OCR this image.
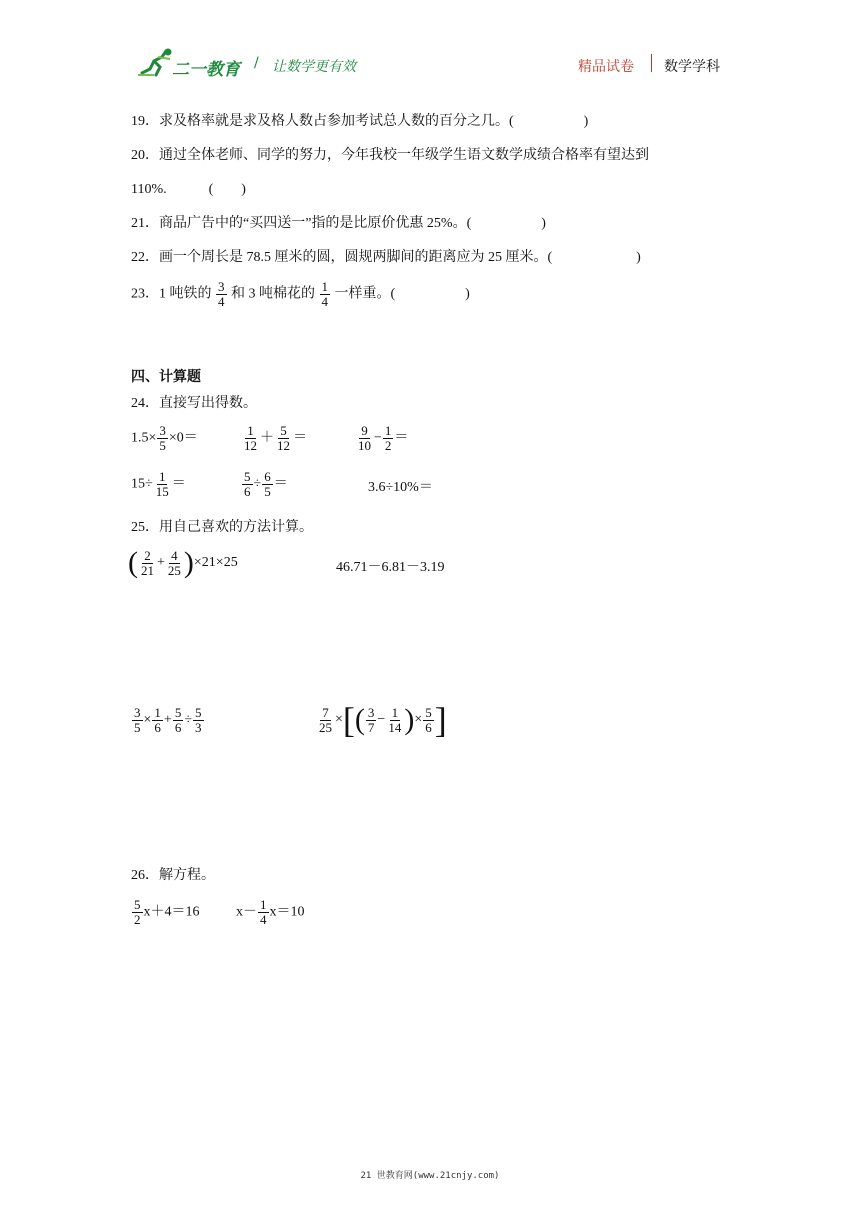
二一教育 / 让数学更有效	精品试卷 数学学科
19．求及格率就是求及格人数占参加考试总人数的百分之几。(　　　　　)
20．通过全体老师、同学的努力，今年我校一年级学生语文数学成绩合格率有望达到
110%.　　　(　　)
21．商品广告中的“买四送一”指的是比原价优惠 25%。(　　　　　)
22．画一个周长是 78.5 厘米的圆，圆规两脚间的距离应为 25 厘米。(　　　　　　)
23．1 吨铁的 $\frac{3}{4}$ 和 3 吨棉花的 $\frac{1}{4}$ 一样重。(　　　　　)
四、计算题
24．直接写出得数。
$1.5\times \frac{3}{5} \times 0=$	$\frac{1}{12} + \frac{5}{12}$ ＝	$\frac{9}{10} - \frac{1}{2}$ ＝
$15\div \frac{1}{15}$ ＝	$\frac{5}{6} \div \frac{6}{5}$ ＝	3.6÷10%＝
25．用自己喜欢的方法计算。
( $\frac{2}{21} + \frac{4}{25} )\times 21\times 25$	46.71－6.81－3.19
$\frac{3}{5} \times \frac{1}{6} + \frac{5}{6} \div \frac{5}{3}$	$\frac{7}{25}$ ×[( $\frac{3}{7} - \frac{1}{14}$ )× $\frac{5}{6}$ ]
26．解方程。
$\frac{5}{2} x+4=16$	$x- \frac{1}{4} x=10$
21 世教育网(www.21cnjy.com)
